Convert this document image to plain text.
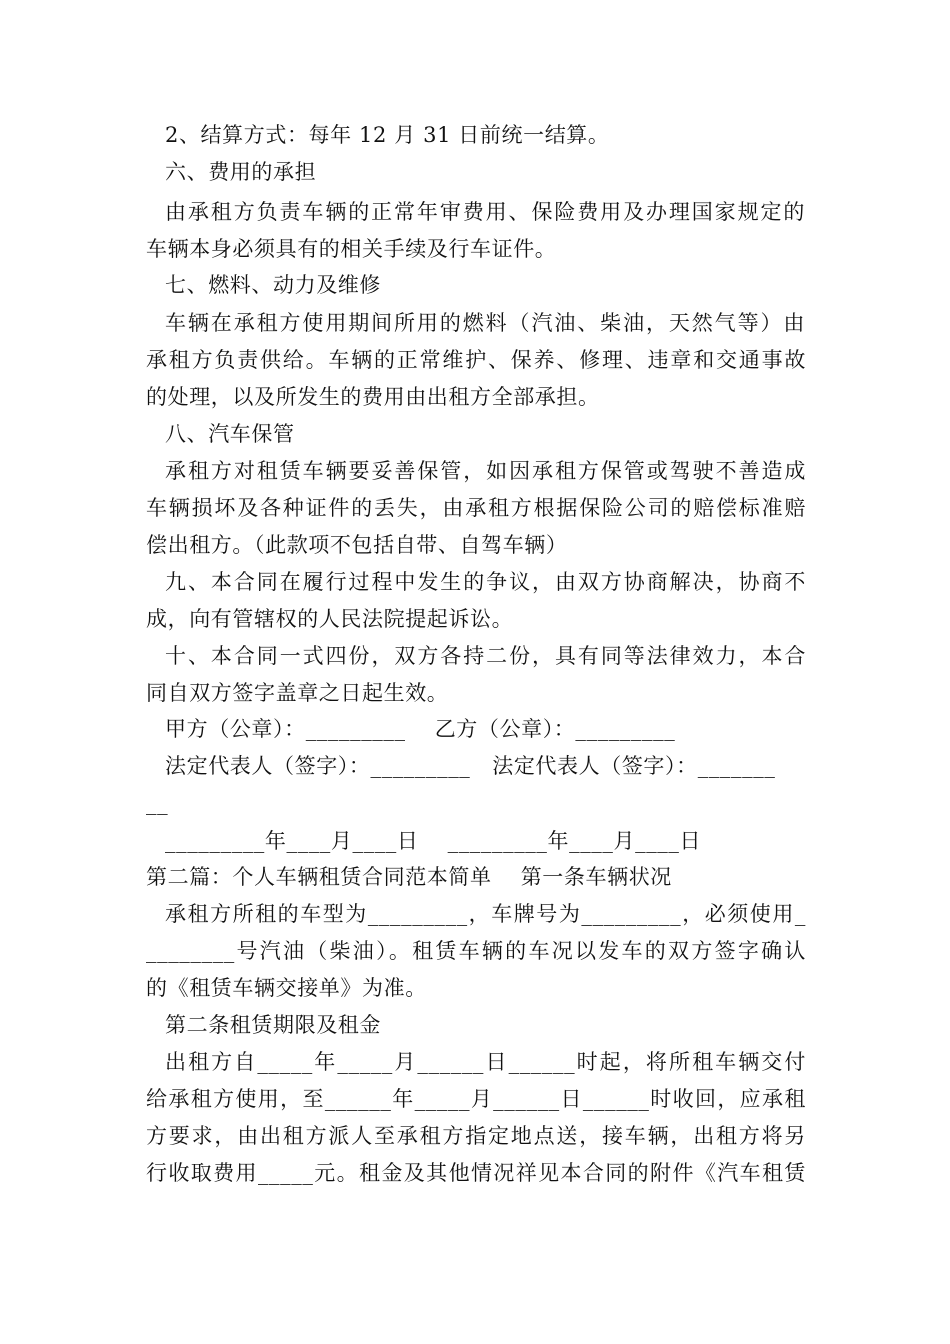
2、结算方式：每年 12 月 31 日前统一结算。
六、费用的承担
由承租方负责车辆的正常年审费用、保险费用及办理国家规定的
车辆本身必须具有的相关手续及行车证件。
七、燃料、动力及维修
车辆在承租方使用期间所用的燃料（汽油、柴油，天然气等）由
承租方负责供给。车辆的正常维护、保养、修理、违章和交通事故
的处理，以及所发生的费用由出租方全部承担。
八、汽车保管
承租方对租赁车辆要妥善保管，如因承租方保管或驾驶不善造成
车辆损坏及各种证件的丢失，由承租方根据保险公司的赔偿标准赔
偿出租方。（此款项不包括自带、自驾车辆）
九、本合同在履行过程中发生的争议，由双方协商解决，协商不
成，向有管辖权的人民法院提起诉讼。
十、本合同一式四份，双方各持二份，具有同等法律效力，本合
同自双方签字盖章之日起生效。
甲方（公章）：_________    乙方（公章）：_________
法定代表人（签字）：_________   法定代表人（签字）：_______
__
_________年____月____日    _________年____月____日
第二篇：个人车辆租赁合同范本简单    第一条车辆状况
承租方所租的车型为_________，车牌号为_________，必须使用_
________号汽油（柴油）。租赁车辆的车况以发车的双方签字确认
的《租赁车辆交接单》为准。
第二条租赁期限及租金
出租方自_____年_____月______日______时起，将所租车辆交付
给承租方使用，至______年_____月______日______时收回，应承租
方要求，由出租方派人至承租方指定地点送，接车辆，出租方将另
行收取费用_____元。租金及其他情况祥见本合同的附件《汽车租赁
